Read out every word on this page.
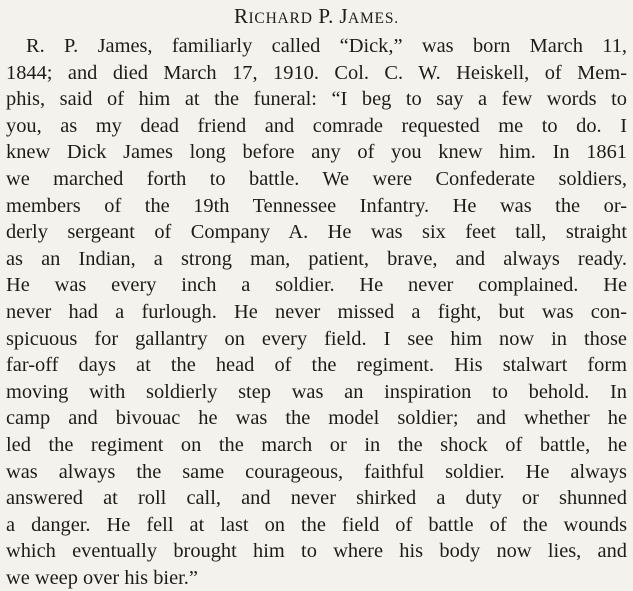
RICHARD P. JAMES.
R. P. James, familiarly called “Dick,” was born March 11,
1844; and died March 17, 1910. Col. C. W. Heiskell, of Mem-
phis, said of him at the funeral: “I beg to say a few words to
you, as my dead friend and comrade requested me to do. I
knew Dick James long before any of you knew him. In 1861
we marched forth to battle. We were Confederate soldiers,
members of the 19th Tennessee Infantry. He was the or-
derly sergeant of Company A. He was six feet tall, straight
as an Indian, a strong man, patient, brave, and always ready.
He was every inch a soldier. He never complained. He
never had a furlough. He never missed a fight, but was con-
spicuous for gallantry on every field. I see him now in those
far-off days at the head of the regiment. His stalwart form
moving with soldierly step was an inspiration to behold. In
camp and bivouac he was the model soldier; and whether he
led the regiment on the march or in the shock of battle, he
was always the same courageous, faithful soldier. He always
answered at roll call, and never shirked a duty or shunned
a danger. He fell at last on the field of battle of the wounds
which eventually brought him to where his body now lies, and
we weep over his bier.”
